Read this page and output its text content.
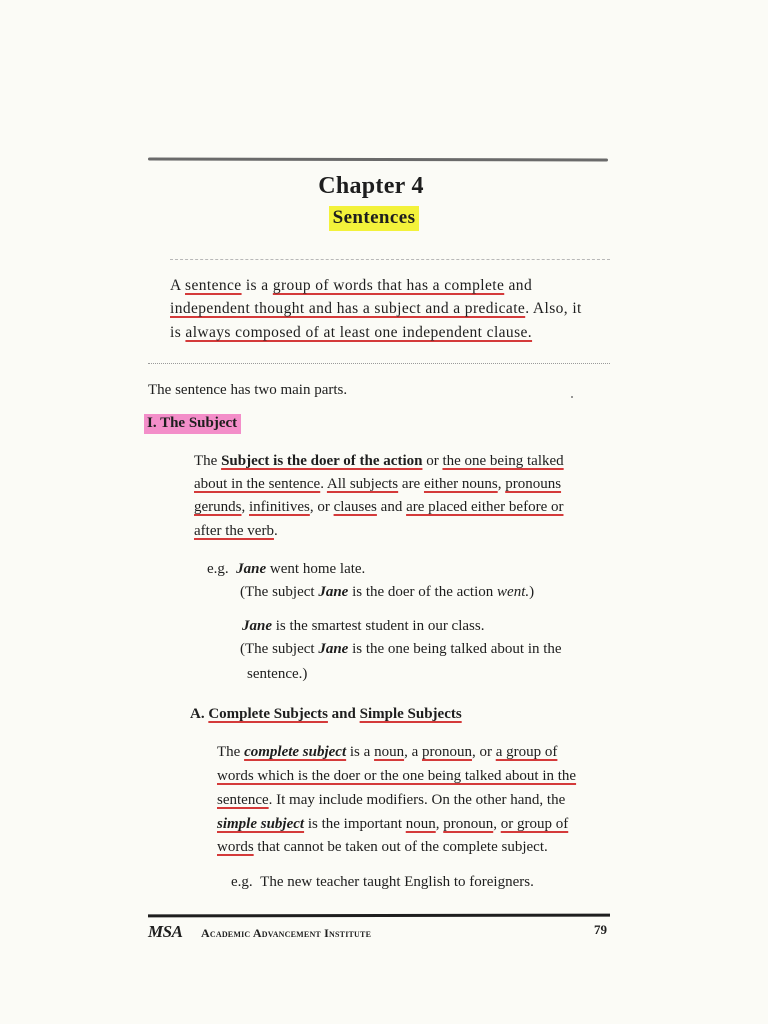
Chapter 4
Sentences
A sentence is a group of words that has a complete and
independent thought and has a subject and a predicate. Also, it
is always composed of at least one independent clause.
The sentence has two main parts.
I. The Subject
The Subject is the doer of the action or the one being talked
about in the sentence. All subjects are either nouns, pronouns
gerunds, infinitives, or clauses and are placed either before or
after the verb.
e.g. Jane went home late.
(The subject Jane is the doer of the action went.)
Jane is the smartest student in our class.
(The subject Jane is the one being talked about in the
sentence.)
A. Complete Subjects and Simple Subjects
The complete subject is a noun, a pronoun, or a group of
words which is the doer or the one being talked about in the
sentence. It may include modifiers. On the other hand, the
simple subject is the important noun, pronoun, or group of
words that cannot be taken out of the complete subject.
e.g. The new teacher taught English to foreigners.
MSA Academic Advancement Institute	79
